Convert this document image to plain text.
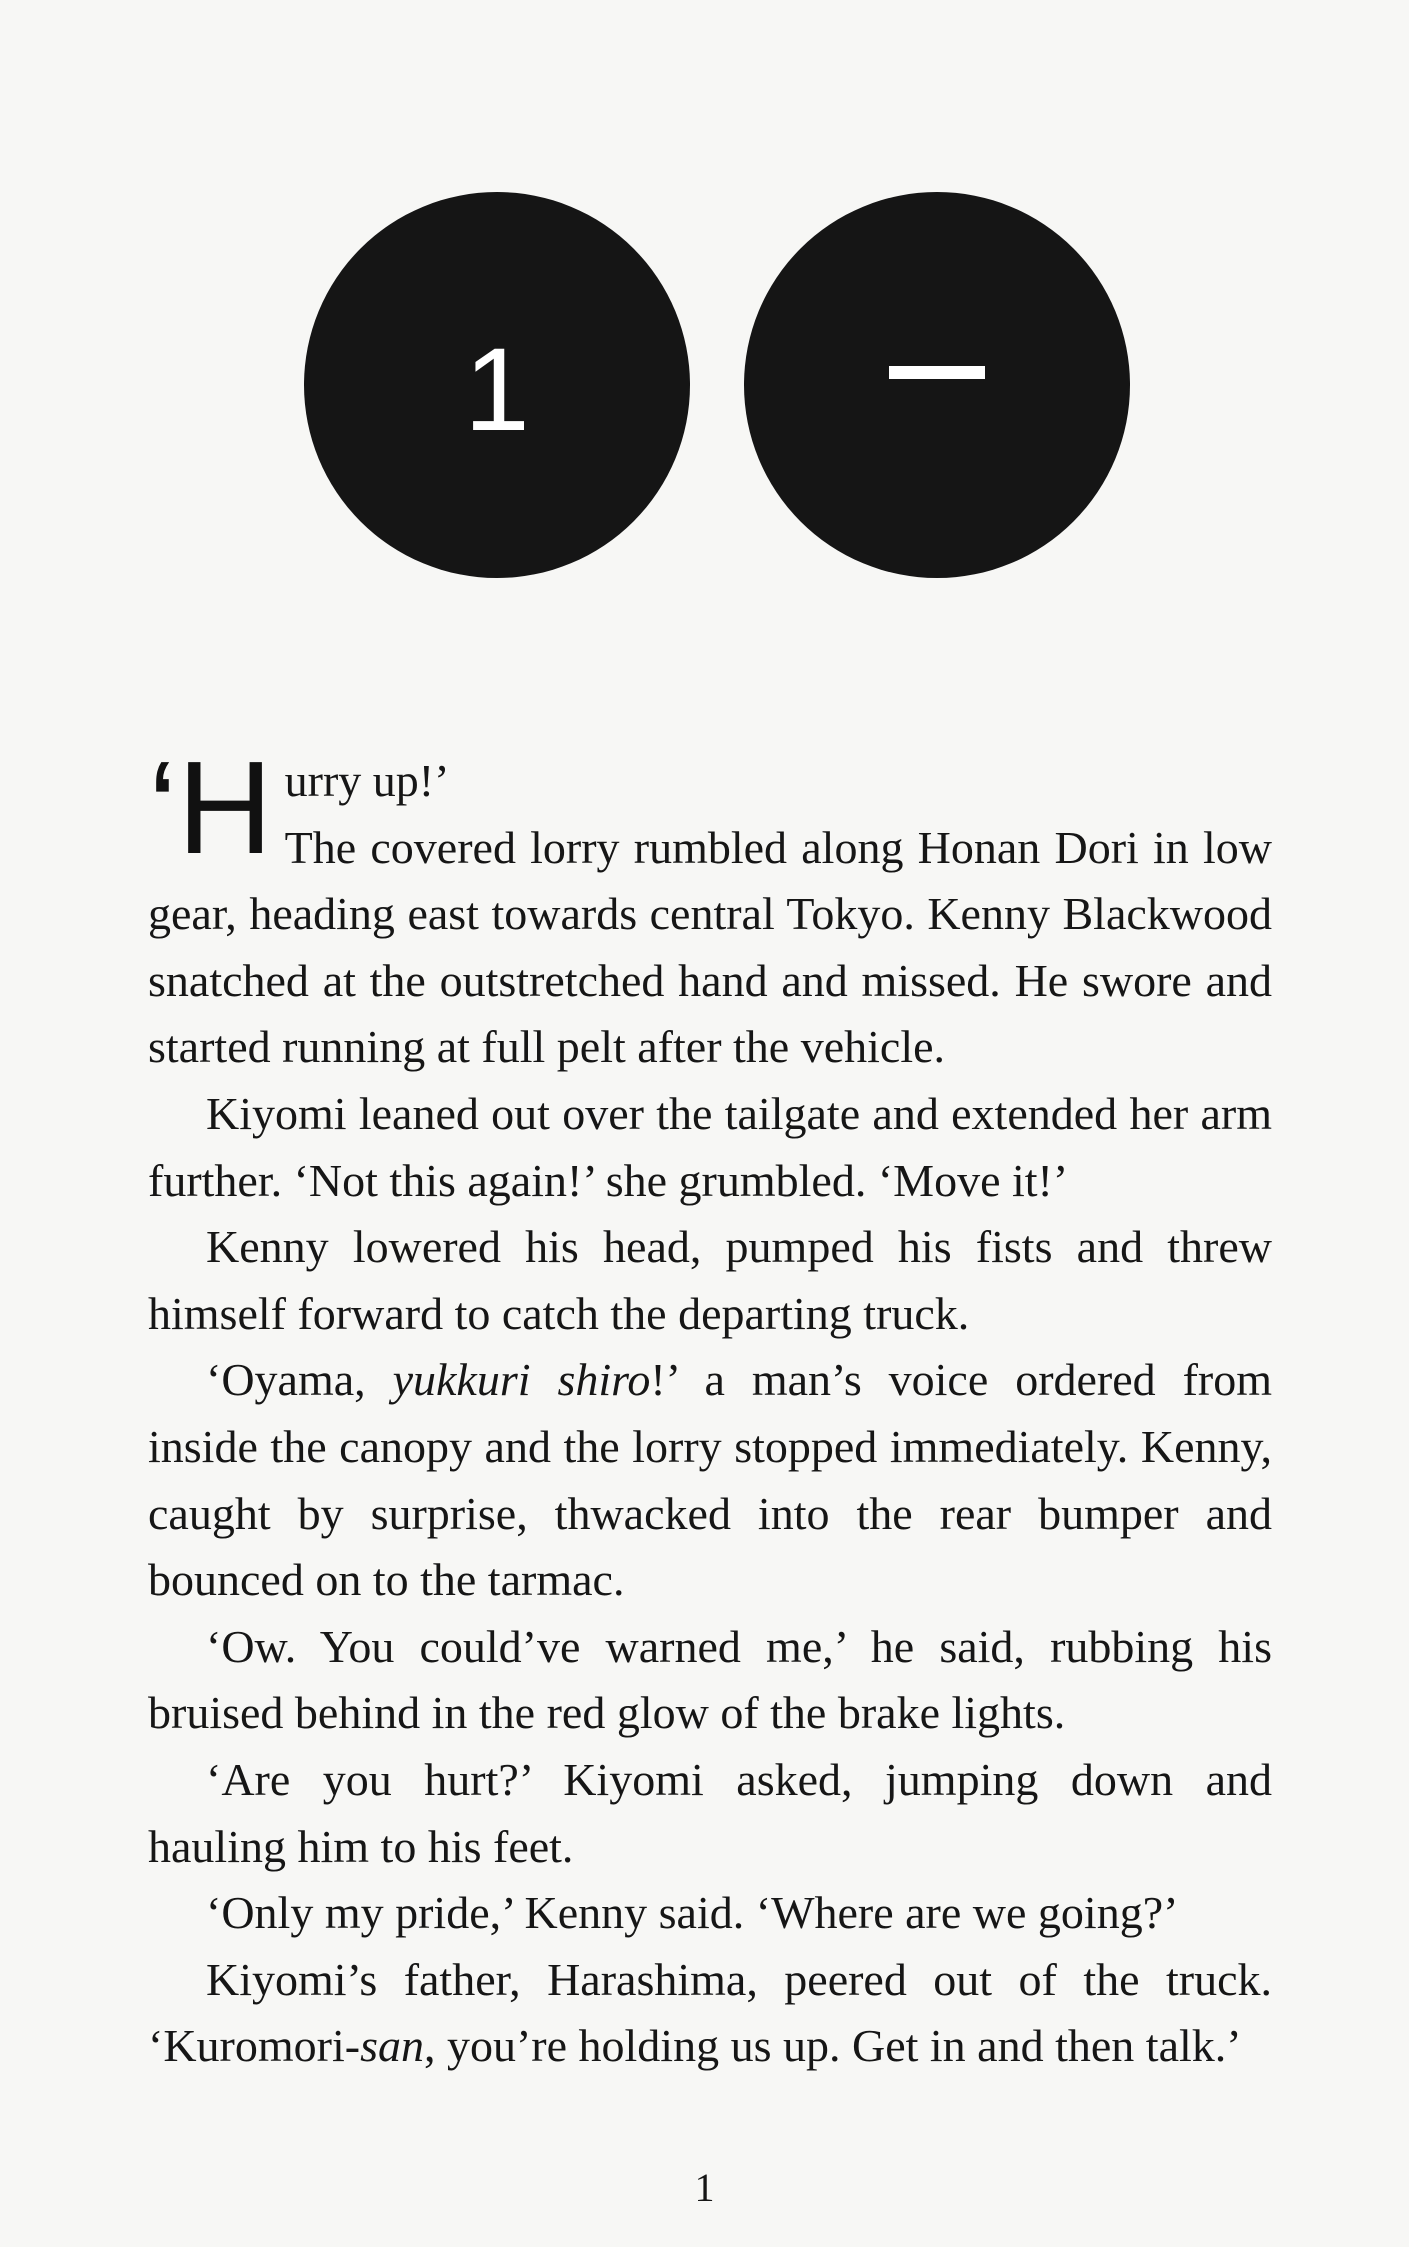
1

‘Hurry up!’
The covered lorry rumbled along Honan Dori in low gear, heading east towards central Tokyo. Kenny Blackwood snatched at the outstretched hand and missed. He swore and started running at full pelt after the vehicle.

Kiyomi leaned out over the tailgate and extended her arm further. ‘Not this again!’ she grumbled. ‘Move it!’

Kenny lowered his head, pumped his fists and threw himself forward to catch the departing truck.

‘Oyama, yukkuri shiro!’ a man’s voice ordered from inside the canopy and the lorry stopped immediately. Kenny, caught by surprise, thwacked into the rear bumper and bounced on to the tarmac.

‘Ow. You could’ve warned me,’ he said, rubbing his bruised behind in the red glow of the brake lights.

‘Are you hurt?’ Kiyomi asked, jumping down and hauling him to his feet.

‘Only my pride,’ Kenny said. ‘Where are we going?’

Kiyomi’s father, Harashima, peered out of the truck. ‘Kuromori-san, you’re holding us up. Get in and then talk.’

1
